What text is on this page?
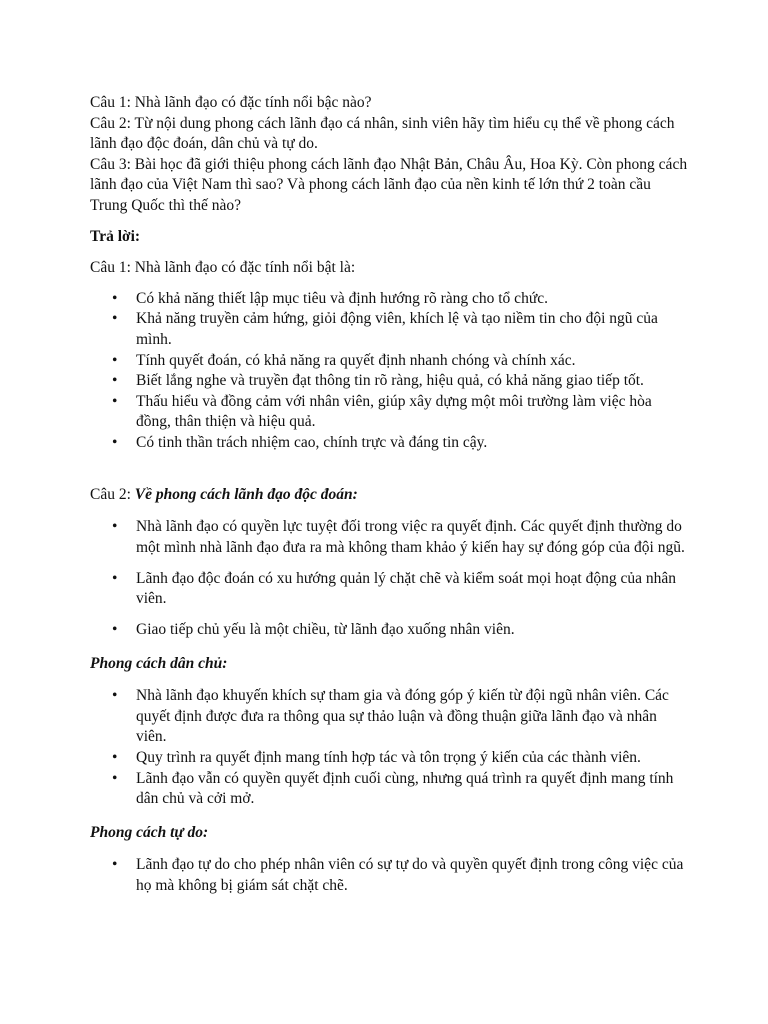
Câu 1: Nhà lãnh đạo có đặc tính nổi bậc nào?

Câu 2: Từ nội dung phong cách lãnh đạo cá nhân, sinh viên hãy tìm hiểu cụ thể về phong cách lãnh đạo độc đoán, dân chủ và tự do.

Câu 3: Bài học đã giới thiệu phong cách lãnh đạo Nhật Bản, Châu Âu, Hoa Kỳ. Còn phong cách lãnh đạo của Việt Nam thì sao? Và phong cách lãnh đạo của nền kinh tế lớn thứ 2 toàn cầu Trung Quốc thì thế nào?

Trả lời:

Câu 1: Nhà lãnh đạo có đặc tính nổi bật là:

• Có khả năng thiết lập mục tiêu và định hướng rõ ràng cho tổ chức.
• Khả năng truyền cảm hứng, giỏi động viên, khích lệ và tạo niềm tin cho đội ngũ của mình.
• Tính quyết đoán, có khả năng ra quyết định nhanh chóng và chính xác.
• Biết lắng nghe và truyền đạt thông tin rõ ràng, hiệu quả, có khả năng giao tiếp tốt.
• Thấu hiểu và đồng cảm với nhân viên, giúp xây dựng một môi trường làm việc hòa đồng, thân thiện và hiệu quả.
• Có tinh thần trách nhiệm cao, chính trực và đáng tin cậy.

Câu 2: Về phong cách lãnh đạo độc đoán:

• Nhà lãnh đạo có quyền lực tuyệt đối trong việc ra quyết định. Các quyết định thường do một mình nhà lãnh đạo đưa ra mà không tham khảo ý kiến hay sự đóng góp của đội ngũ.
• Lãnh đạo độc đoán có xu hướng quản lý chặt chẽ và kiểm soát mọi hoạt động của nhân viên.
• Giao tiếp chủ yếu là một chiều, từ lãnh đạo xuống nhân viên.

Phong cách dân chủ:

• Nhà lãnh đạo khuyến khích sự tham gia và đóng góp ý kiến từ đội ngũ nhân viên. Các quyết định được đưa ra thông qua sự thảo luận và đồng thuận giữa lãnh đạo và nhân viên.
• Quy trình ra quyết định mang tính hợp tác và tôn trọng ý kiến của các thành viên.
• Lãnh đạo vẫn có quyền quyết định cuối cùng, nhưng quá trình ra quyết định mang tính dân chủ và cởi mở.

Phong cách tự do:

• Lãnh đạo tự do cho phép nhân viên có sự tự do và quyền quyết định trong công việc của họ mà không bị giám sát chặt chẽ.
